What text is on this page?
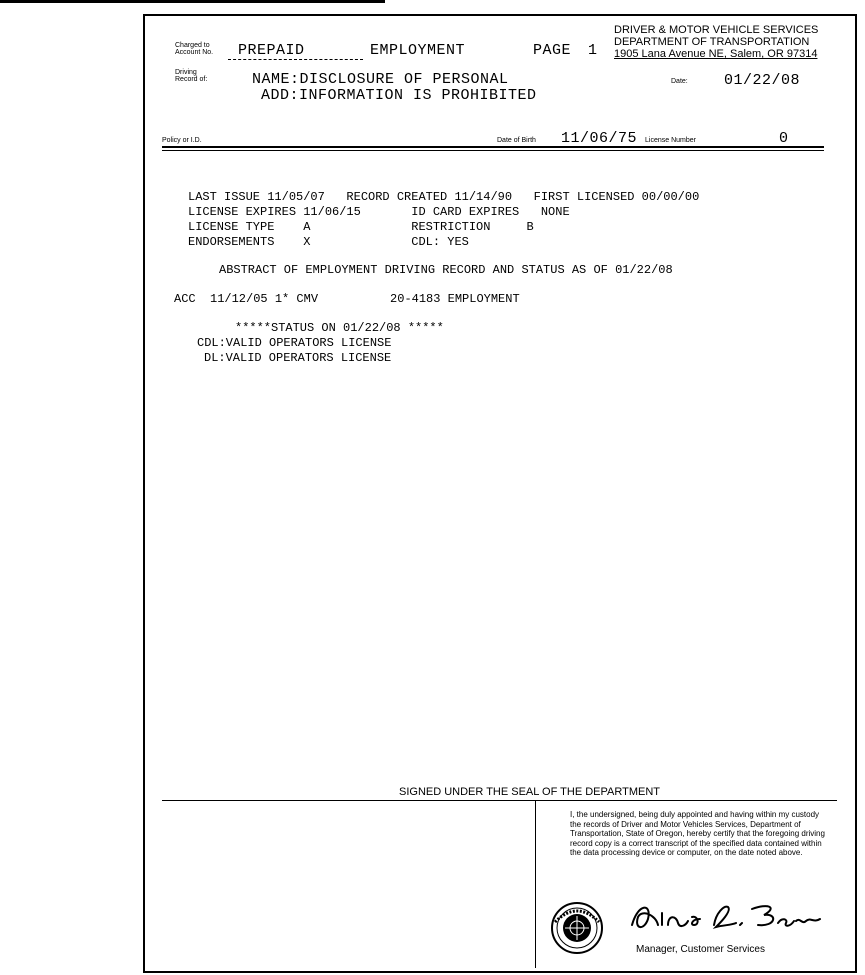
DRIVER & MOTOR VEHICLE SERVICES
DEPARTMENT OF TRANSPORTATION
1905 Lana Avenue NE, Salem, OR 97314
Charged to
Account No. PREPAID	EMPLOYMENT	PAGE 1
Driving
Record of:	NAME:DISCLOSURE OF PERSONAL
ADD:INFORMATION IS PROHIBITED
Date: 01/22/08
Policy or I.D.	Date of Birth 11/06/75 License Number	0
LAST ISSUE 11/05/07   RECORD CREATED 11/14/90   FIRST LICENSED 00/00/00
LICENSE EXPIRES 11/06/15       ID CARD EXPIRES   NONE
LICENSE TYPE    A              RESTRICTION     B
ENDORSEMENTS    X              CDL: YES
ABSTRACT OF EMPLOYMENT DRIVING RECORD AND STATUS AS OF 01/22/08
ACC  11/12/05 1* CMV          20-4183 EMPLOYMENT
*****STATUS ON 01/22/08 *****
CDL:VALID OPERATORS LICENSE
DL:VALID OPERATORS LICENSE
SIGNED UNDER THE SEAL OF THE DEPARTMENT
I, the undersigned, being duly appointed and having within my custody the records of Driver and Motor Vehicles Services, Department of Transportation, State of Oregon, hereby certify that the foregoing driving record copy is a correct transcript of the specified data contained within the data processing device or computer, on the date noted above.
Manager, Customer Services
